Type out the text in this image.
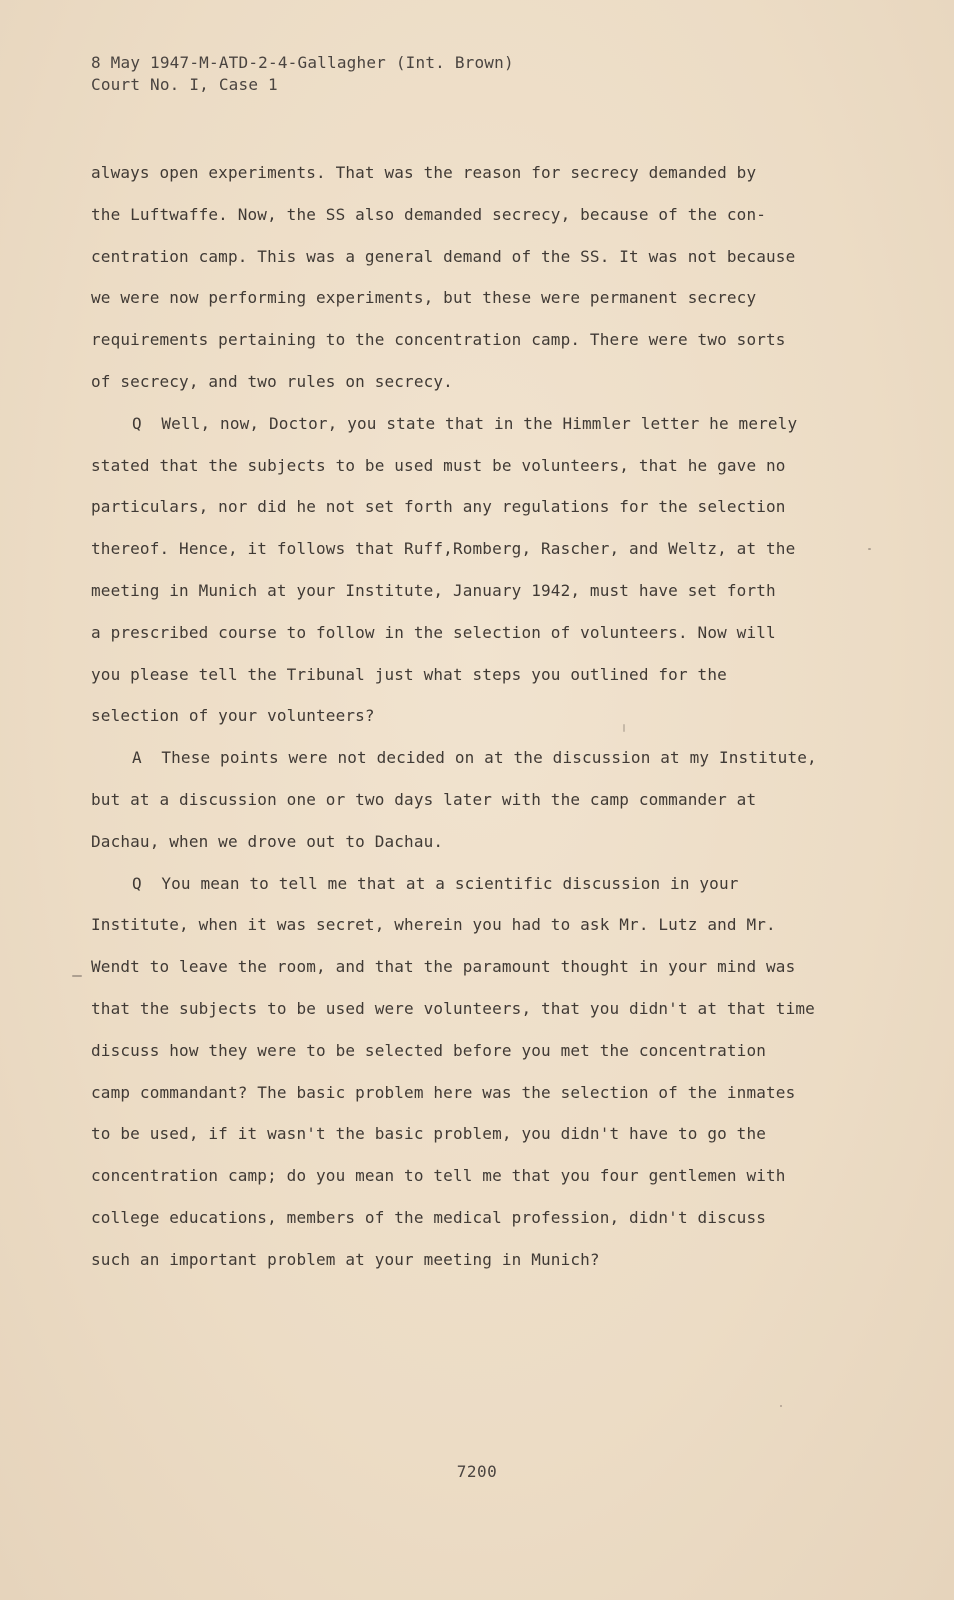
8 May 1947-M-ATD-2-4-Gallagher (Int. Brown)
Court No. I, Case 1
always open experiments. That was the reason for secrecy demanded by
the Luftwaffe. Now, the SS also demanded secrecy, because of the con-
centration camp. This was a general demand of the SS. It was not because
we were now performing experiments, but these were permanent secrecy
requirements pertaining to the concentration camp. There were two sorts
of secrecy, and two rules on secrecy.
Q  Well, now, Doctor, you state that in the Himmler letter he merely
stated that the subjects to be used must be volunteers, that he gave no
particulars, nor did he not set forth any regulations for the selection
thereof. Hence, it follows that Ruff,Romberg, Rascher, and Weltz, at the
meeting in Munich at your Institute, January 1942, must have set forth
a prescribed course to follow in the selection of volunteers. Now will
you please tell the Tribunal just what steps you outlined for the
selection of your volunteers?
A  These points were not decided on at the discussion at my Institute,
but at a discussion one or two days later with the camp commander at
Dachau, when we drove out to Dachau.
Q  You mean to tell me that at a scientific discussion in your
Institute, when it was secret, wherein you had to ask Mr. Lutz and Mr.
Wendt to leave the room, and that the paramount thought in your mind was
that the subjects to be used were volunteers, that you didn't at that time
discuss how they were to be selected before you met the concentration
camp commandant? The basic problem here was the selection of the inmates
to be used, if it wasn't the basic problem, you didn't have to go the
concentration camp; do you mean to tell me that you four gentlemen with
college educations, members of the medical profession, didn't discuss
such an important problem at your meeting in Munich?
7200
